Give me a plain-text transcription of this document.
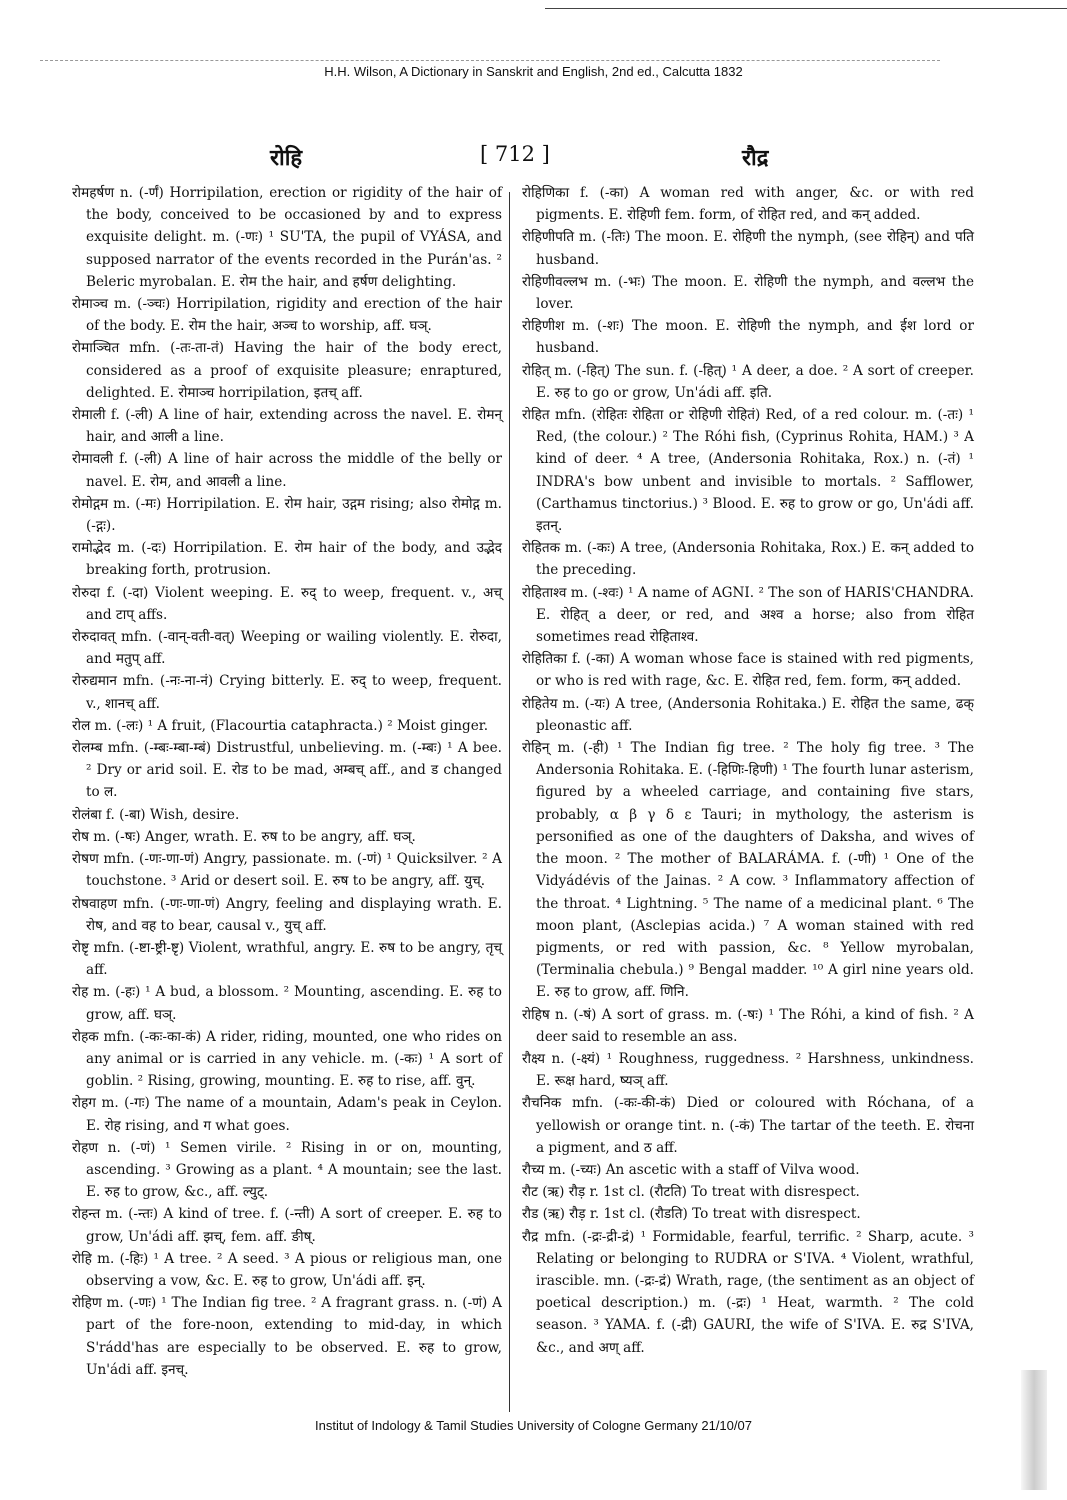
H.H. Wilson, A Dictionary in Sanskrit and English, 2nd ed., Calcutta 1832
रोहि	[ 712 ]	रौद्र

रोमहर्षण n. (-र्णं) Horripilation, erection or rigidity of the hair of the body, conceived to be occasioned by and to express exquisite delight. m. (-णः) ¹ SU'TA, the pupil of VYÁSA, and supposed narrator of the events recorded in the Purán'as. ² Beleric myrobalan. E. रोम the hair, and हर्षण delighting.

रोमाञ्च m. (-ञ्चः) Horripilation, rigidity and erection of the hair of the body. E. रोम the hair, अञ्च to worship, aff. घञ्.

रोमाञ्चित mfn. (-तः-ता-तं) Having the hair of the body erect, considered as a proof of exquisite pleasure; enraptured, delighted. E. रोमाञ्च horripilation, इतच् aff.

रोमाली f. (-ली) A line of hair, extending across the navel. E. रोमन् hair, and आली a line.

रोमावली f. (-ली) A line of hair across the middle of the belly or navel. E. रोम, and आवली a line.

रोमोद्गम m. (-मः) Horripilation. E. रोम hair, उद्गम rising; also रोमोद्ग m. (-द्गः).

रामोद्भेद m. (-दः) Horripilation. E. रोम hair of the body, and उद्भेद breaking forth, protrusion.

रोरुदा f. (-दा) Violent weeping. E. रुद् to weep, frequent. v., अच् and टाप् affs.

रोरुदावत् mfn. (-वान्-वती-वत्) Weeping or wailing violently. E. रोरुदा, and मतुप् aff.

रोरुद्यमान mfn. (-नः-ना-नं) Crying bitterly. E. रुद् to weep, frequent. v., शानच् aff.

रोल m. (-लः) ¹ A fruit, (Flacourtia cataphracta.) ² Moist ginger.

रोलम्ब mfn. (-म्बः-म्बा-म्बं) Distrustful, unbelieving. m. (-म्बः) ¹ A bee. ² Dry or arid soil. E. रोड to be mad, अम्बच् aff., and ड changed to ल.

रोलंबा f. (-बा) Wish, desire.

रोष m. (-षः) Anger, wrath. E. रुष to be angry, aff. घञ्.

रोषण mfn. (-णः-णा-णं) Angry, passionate. m. (-णं) ¹ Quicksilver. ² A touchstone. ³ Arid or desert soil. E. रुष to be angry, aff. युच्.

रोषवाहण mfn. (-णः-णा-णं) Angry, feeling and displaying wrath. E. रोष, and वह to bear, causal v., युच् aff.

रोष्टृ mfn. (-ष्टा-ष्ट्री-ष्टृ) Violent, wrathful, angry. E. रुष to be angry, तृच् aff.

रोह m. (-हः) ¹ A bud, a blossom. ² Mounting, ascending. E. रुह to grow, aff. घञ्.

रोहक mfn. (-कः-का-कं) A rider, riding, mounted, one who rides on any animal or is carried in any vehicle. m. (-कः) ¹ A sort of goblin. ² Rising, growing, mounting. E. रुह to rise, aff. वुन्.

रोहग m. (-गः) The name of a mountain, Adam's peak in Ceylon. E. रोह rising, and ग what goes.

रोहण n. (-णं) ¹ Semen virile. ² Rising in or on, mounting, ascending. ³ Growing as a plant. ⁴ A mountain; see the last. E. रुह to grow, &c., aff. ल्युट्.

रोहन्त m. (-न्तः) A kind of tree. f. (-न्ती) A sort of creeper. E. रुह to grow, Un'ádi aff. झच्, fem. aff. ङीष्.

रोहि m. (-हिः) ¹ A tree. ² A seed. ³ A pious or religious man, one observing a vow, &c. E. रुह to grow, Un'ádi aff. इन्.

रोहिण m. (-णः) ¹ The Indian fig tree. ² A fragrant grass. n. (-णं) A part of the fore-noon, extending to mid-day, in which S'rádd'has are especially to be observed. E. रुह to grow, Un'ádi aff. इनच्.

रोहिणिका f. (-का) A woman red with anger, &c. or with red pigments. E. रोहिणी fem. form, of रोहित red, and कन् added.

रोहिणीपति m. (-तिः) The moon. E. रोहिणी the nymph, (see रोहिन्) and पति husband.

रोहिणीवल्लभ m. (-भः) The moon. E. रोहिणी the nymph, and वल्लभ the lover.

रोहिणीश m. (-शः) The moon. E. रोहिणी the nymph, and ईश lord or husband.

रोहित् m. (-हित्) The sun. f. (-हित्) ¹ A deer, a doe. ² A sort of creeper. E. रुह to go or grow, Un'ádi aff. इति.

रोहित mfn. (रोहितः रोहिता or रोहिणी रोहितं) Red, of a red colour. m. (-तः) ¹ Red, (the colour.) ² The Róhi fish, (Cyprinus Rohita, HAM.) ³ A kind of deer. ⁴ A tree, (Andersonia Rohitaka, Rox.) n. (-तं) ¹ INDRA's bow unbent and invisible to mortals. ² Safflower, (Carthamus tinctorius.) ³ Blood. E. रुह to grow or go, Un'ádi aff. इतन्.

रोहितक m. (-कः) A tree, (Andersonia Rohitaka, Rox.) E. कन् added to the preceding.

रोहिताश्व m. (-श्वः) ¹ A name of AGNI. ² The son of HARIS'CHANDRA. E. रोहित् a deer, or red, and अश्व a horse; also from रोहित sometimes read रोहिताश्व.

रोहितिका f. (-का) A woman whose face is stained with red pigments, or who is red with rage, &c. E. रोहित red, fem. form, कन् added.

रोहितेय m. (-यः) A tree, (Andersonia Rohitaka.) E. रोहित the same, ढक् pleonastic aff.

रोहिन् m. (-ही) ¹ The Indian fig tree. ² The holy fig tree. ³ The Andersonia Rohitaka. E. (-हिणिः-हिणी) ¹ The fourth lunar asterism, figured by a wheeled carriage, and containing five stars, probably, α β γ δ ε Tauri; in mythology, the asterism is personified as one of the daughters of Daksha, and wives of the moon. ² The mother of BALARÁMA. f. (-णी) ¹ One of the Vidyádévis of the Jainas. ² A cow. ³ Inflammatory affection of the throat. ⁴ Lightning. ⁵ The name of a medicinal plant. ⁶ The moon plant, (Asclepias acida.) ⁷ A woman stained with red pigments, or red with passion, &c. ⁸ Yellow myrobalan, (Terminalia chebula.) ⁹ Bengal madder. ¹⁰ A girl nine years old. E. रुह to grow, aff. णिनि.

रोहिष n. (-षं) A sort of grass. m. (-षः) ¹ The Róhi, a kind of fish. ² A deer said to resemble an ass.

रौक्ष्य n. (-क्ष्यं) ¹ Roughness, ruggedness. ² Harshness, unkindness. E. रूक्ष hard, ष्यञ् aff.

रौचनिक mfn. (-कः-की-कं) Died or coloured with Róchana, of a yellowish or orange tint. n. (-कं) The tartar of the teeth. E. रोचना a pigment, and ठ aff.

रौच्य m. (-च्यः) An ascetic with a staff of Vilva wood.

रौट (ऋ) रौड़ r. 1st cl. (रौटति) To treat with disrespect.

रौड (ऋ) रौड़ r. 1st cl. (रौडति) To treat with disrespect.

रौद्र mfn. (-द्रः-द्री-द्रं) ¹ Formidable, fearful, terrific. ² Sharp, acute. ³ Relating or belonging to RUDRA or S'IVA. ⁴ Violent, wrathful, irascible. mn. (-द्रः-द्रं) Wrath, rage, (the sentiment as an object of poetical description.) m. (-द्रः) ¹ Heat, warmth. ² The cold season. ³ YAMA. f. (-द्री) GAURI, the wife of S'IVA. E. रुद्र S'IVA, &c., and अण् aff.

Institut of Indology & Tamil Studies University of Cologne Germany 21/10/07
